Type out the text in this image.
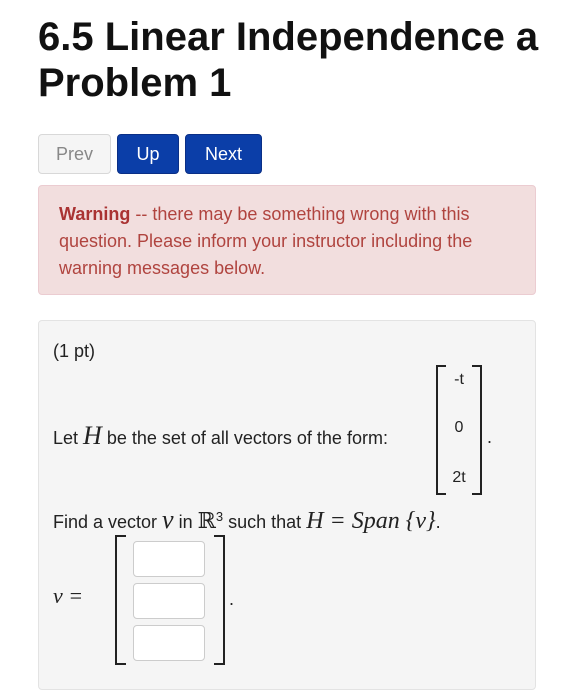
6.5 Linear Independence a
Problem 1
Prev	Up	Next
Warning -- there may be something wrong with this question. Please inform your instructor including the warning messages below.
(1 pt)
Let H be the set of all vectors of the form:
-t
0
2t
.
Find a vector v in ℝ$^3$ such that H = Span {v}.
v =	.
